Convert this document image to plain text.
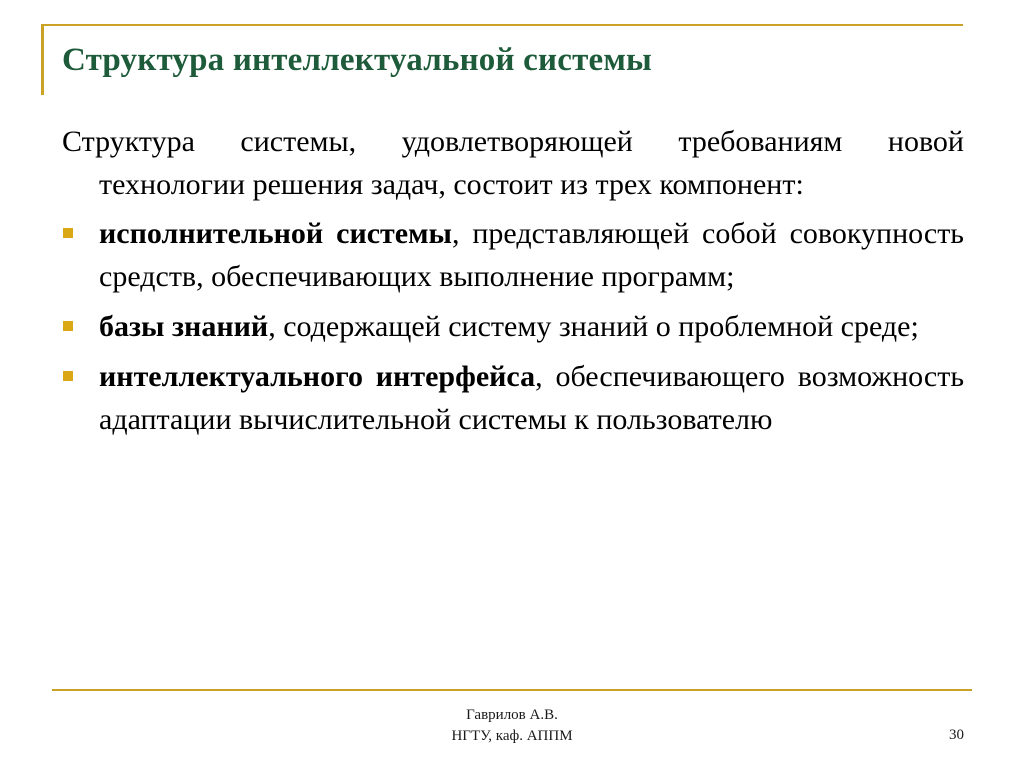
Структура интеллектуальной системы

Структура системы, удовлетворяющей требованиям новой технологии решения задач, состоит из трех компонент:

исполнительной системы, представляющей собой совокупность средств, обеспечивающих выполнение программ;
базы знаний, содержащей систему знаний о проблемной среде;
интеллектуального интерфейса, обеспечивающего возможность адаптации вычислительной системы к пользователю
Гаврилов А.В.
НГТУ, каф. АППМ	30
